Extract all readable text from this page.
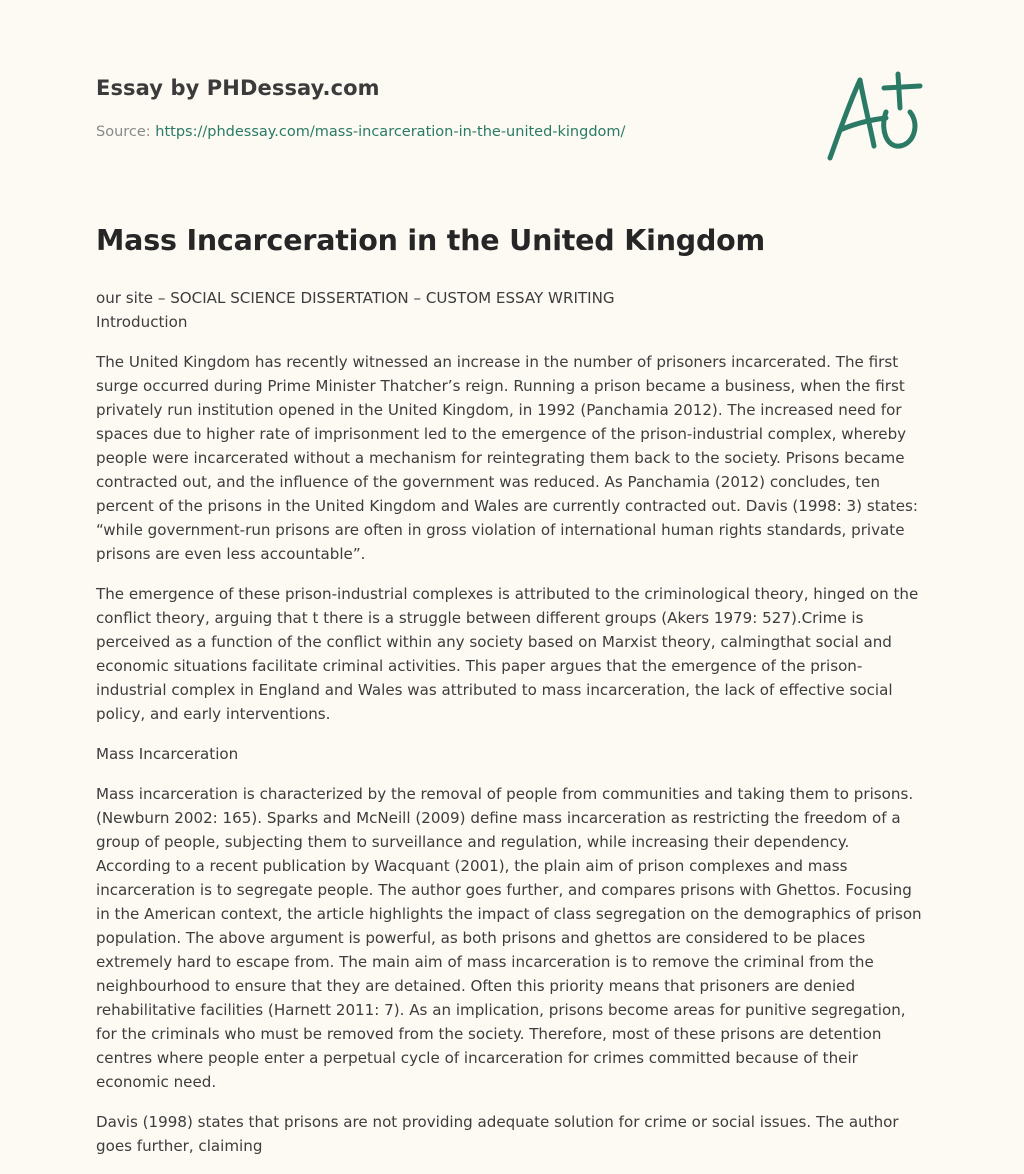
Essay by PHDessay.com
Source: https://phdessay.com/mass-incarceration-in-the-united-kingdom/
Mass Incarceration in the United Kingdom

our site – SOCIAL SCIENCE DISSERTATION – CUSTOM ESSAY WRITING
Introduction

The United Kingdom has recently witnessed an increase in the number of prisoners incarcerated. The first surge occurred during Prime Minister Thatcher’s reign. Running a prison became a business, when the first privately run institution opened in the United Kingdom, in 1992 (Panchamia 2012). The increased need for spaces due to higher rate of imprisonment led to the emergence of the prison-industrial complex, whereby people were incarcerated without a mechanism for reintegrating them back to the society. Prisons became contracted out, and the influence of the government was reduced. As Panchamia (2012) concludes, ten percent of the prisons in the United Kingdom and Wales are currently contracted out. Davis (1998: 3) states: “while government-run prisons are often in gross violation of international human rights standards, private prisons are even less accountable”.

The emergence of these prison-industrial complexes is attributed to the criminological theory, hinged on the conflict theory, arguing that t there is a struggle between different groups (Akers 1979: 527).Crime is perceived as a function of the conflict within any society based on Marxist theory, calmingthat social and economic situations facilitate criminal activities. This paper argues that the emergence of the prison-industrial complex in England and Wales was attributed to mass incarceration, the lack of effective social policy, and early interventions.

Mass Incarceration

Mass incarceration is characterized by the removal of people from communities and taking them to prisons. (Newburn 2002: 165). Sparks and McNeill (2009) define mass incarceration as restricting the freedom of a group of people, subjecting them to surveillance and regulation, while increasing their dependency. According to a recent publication by Wacquant (2001), the plain aim of prison complexes and mass incarceration is to segregate people. The author goes further, and compares prisons with Ghettos. Focusing in the American context, the article highlights the impact of class segregation on the demographics of prison population. The above argument is powerful, as both prisons and ghettos are considered to be places extremely hard to escape from. The main aim of mass incarceration is to remove the criminal from the neighbourhood to ensure that they are detained. Often this priority means that prisoners are denied rehabilitative facilities (Harnett 2011: 7). As an implication, prisons become areas for punitive segregation, for the criminals who must be removed from the society. Therefore, most of these prisons are detention centres where people enter a perpetual cycle of incarceration for crimes committed because of their economic need.

Davis (1998) states that prisons are not providing adequate solution for crime or social issues. The author goes further, claiming
